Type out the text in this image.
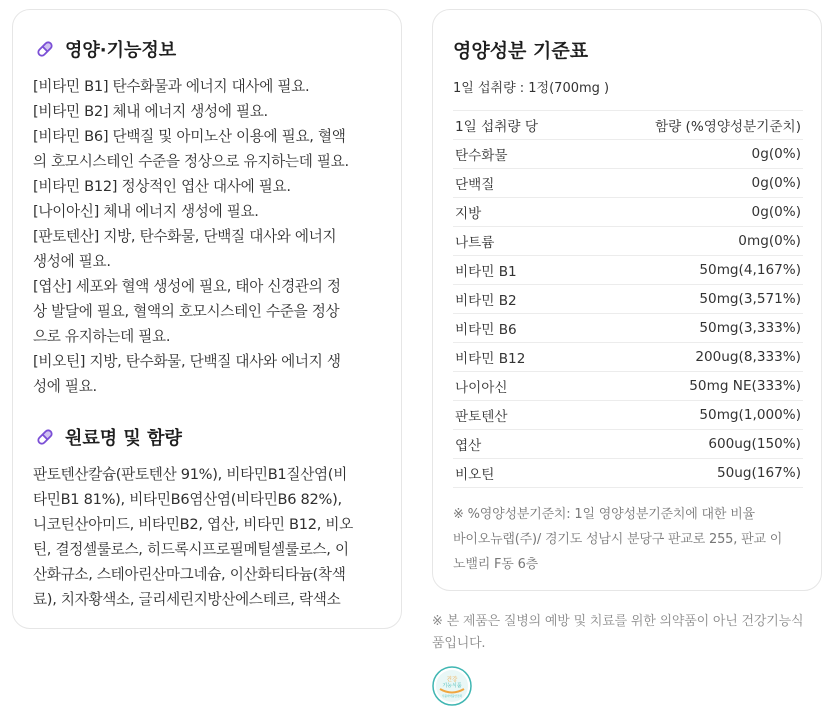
영양·기능정보
[비타민 B1] 탄수화물과 에너지 대사에 필요.
[비타민 B2] 체내 에너지 생성에 필요.
[비타민 B6] 단백질 및 아미노산 이용에 필요, 혈액
의 호모시스테인 수준을 정상으로 유지하는데 필요.
[비타민 B12] 정상적인 엽산 대사에 필요.
[나이아신] 체내 에너지 생성에 필요.
[판토텐산] 지방, 탄수화물, 단백질 대사와 에너지
생성에 필요.
[엽산] 세포와 혈액 생성에 필요, 태아 신경관의 정
상 발달에 필요, 혈액의 호모시스테인 수준을 정상
으로 유지하는데 필요.
[비오틴] 지방, 탄수화물, 단백질 대사와 에너지 생
성에 필요.
원료명 및 함량
판토텐산칼슘(판토텐산 91%), 비타민B1질산염(비
타민B1 81%), 비타민B6염산염(비타민B6 82%),
니코틴산아미드, 비타민B2, 엽산, 비타민 B12, 비오
틴, 결정셀룰로스, 히드록시프로필메틸셀룰로스, 이
산화규소, 스테아린산마그네슘, 이산화티타늄(착색
료), 치자황색소, 글리세린지방산에스테르, 락색소
영양성분 기준표
1일 섭취량 : 1정(700mg )
1일 섭취량 당	함량 (%영양성분기준치)
탄수화물	0g(0%)
단백질	0g(0%)
지방	0g(0%)
나트륨	0mg(0%)
비타민 B1	50mg(4,167%)
비타민 B2	50mg(3,571%)
비타민 B6	50mg(3,333%)
비타민 B12	200ug(8,333%)
나이아신	50mg NE(333%)
판토텐산	50mg(1,000%)
엽산	600ug(150%)
비오틴	50ug(167%)
※ %영양성분기준치: 1일 영양성분기준치에 대한 비율
바이오뉴랩(주)/ 경기도 성남시 분당구 판교로 255, 판교 이
노밸리 F동 6층
※ 본 제품은 질병의 예방 및 치료를 위한 의약품이 아닌 건강기능식
품입니다.
건강
기능식품
식품의약품안전처
